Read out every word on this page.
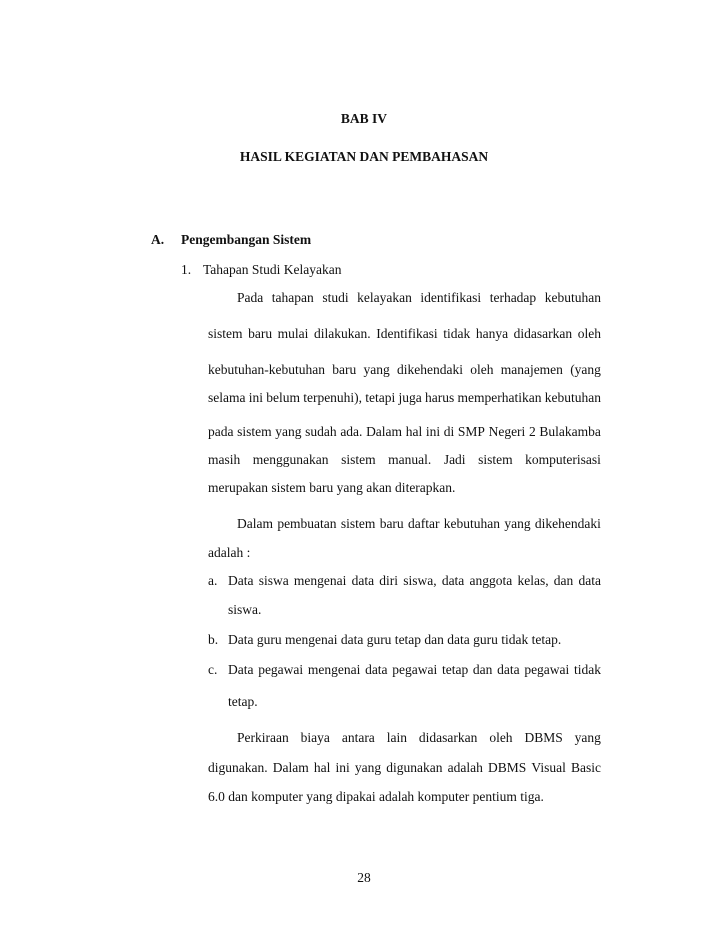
BAB IV
HASIL KEGIATAN DAN PEMBAHASAN
A. Pengembangan Sistem
1. Tahapan Studi Kelayakan
Pada tahapan studi kelayakan identifikasi terhadap kebutuhan
sistem baru mulai dilakukan. Identifikasi tidak hanya didasarkan oleh
kebutuhan-kebutuhan baru yang dikehendaki oleh manajemen (yang
selama ini belum terpenuhi), tetapi juga harus memperhatikan kebutuhan
pada sistem yang sudah ada. Dalam hal ini di SMP Negeri 2 Bulakamba
masih menggunakan sistem manual. Jadi sistem komputerisasi
merupakan sistem baru yang akan diterapkan.
Dalam pembuatan sistem baru daftar kebutuhan yang dikehendaki
adalah :
a. Data siswa mengenai data diri siswa, data anggota kelas, dan data
siswa.
b. Data guru mengenai data guru tetap dan data guru tidak tetap.
c. Data pegawai mengenai data pegawai tetap dan data pegawai tidak
tetap.
Perkiraan biaya antara lain didasarkan oleh DBMS yang
digunakan. Dalam hal ini yang digunakan adalah DBMS Visual Basic
6.0 dan komputer yang dipakai adalah komputer pentium tiga.
28
